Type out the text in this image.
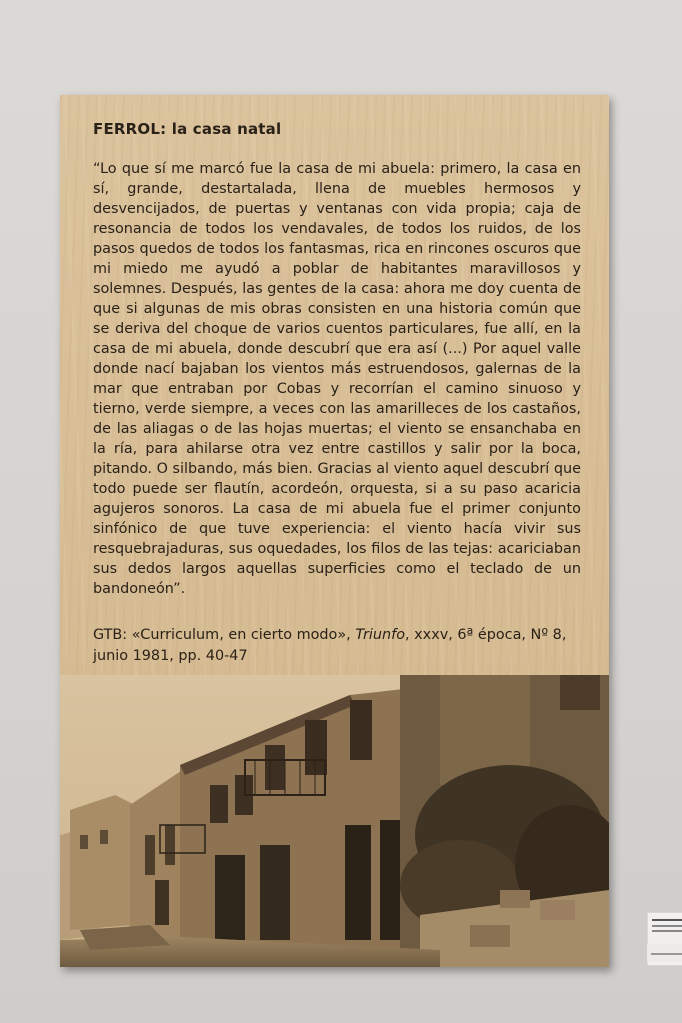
FERROL: la casa natal

“Lo que sí me marcó fue la casa de mi abuela: primero, la casa en sí, grande, destartalada, llena de muebles hermosos y desvencijados, de puertas y ventanas con vida propia; caja de resonancia de todos los vendavales, de todos los ruidos, de los pasos quedos de todos los fantasmas, rica en rincones oscuros que mi miedo me ayudó a poblar de habitantes maravillosos y solemnes. Después, las gentes de la casa: ahora me doy cuenta de que si algunas de mis obras consisten en una historia común que se deriva del choque de varios cuentos particulares, fue allí, en la casa de mi abuela, donde descubrí que era así (...) Por aquel valle donde nací bajaban los vientos más estruendosos, galernas de la mar que entraban por Cobas y recorrían el camino sinuoso y tierno, verde siempre, a veces con las amarilleces de los castaños, de las aliagas o de las hojas muertas; el viento se ensanchaba en la ría, para ahilarse otra vez entre castillos y salir por la boca, pitando. O silbando, más bien. Gracias al viento aquel descubrí que todo puede ser flautín, acordeón, orquesta, si a su paso acaricia agujeros sonoros. La casa de mi abuela fue el primer conjunto sinfónico de que tuve experiencia: el viento hacía vivir sus resquebrajaduras, sus oquedades, los filos de las tejas: acariciaban sus dedos largos aquellas superficies como el teclado de un bandoneón”.

GTB: «Curriculum, en cierto modo», Triunfo, xxxv, 6ª época, Nº 8, junio 1981, pp. 40-47
